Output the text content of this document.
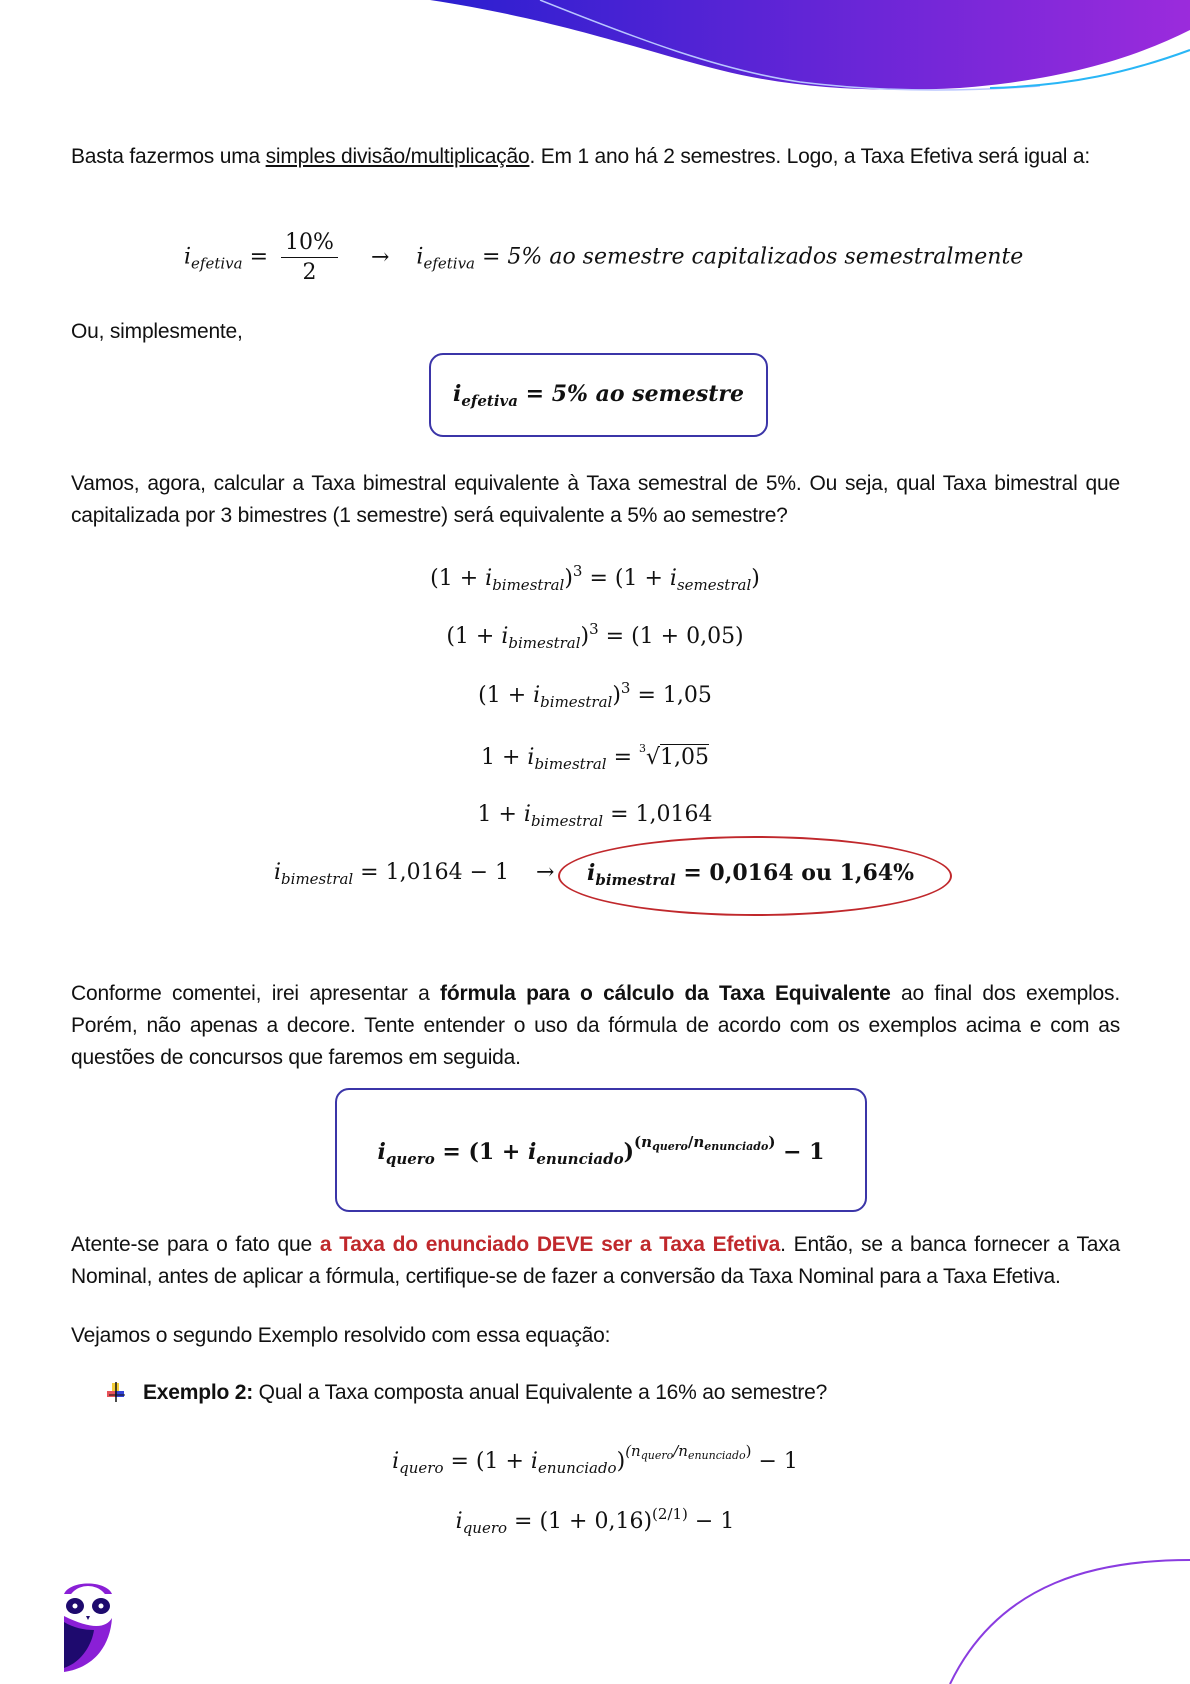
Basta fazermos uma simples divisão/multiplicação. Em 1 ano há 2 semestres. Logo, a Taxa Efetiva será igual a:
$i_{efetiva} = \frac{10\%}{2} \to i_{efetiva} = 5\%$ ao semestre capitalizados semestralmente
Ou, simplesmente,
$i_{efetiva} = 5\%$ ao semestre
Vamos, agora, calcular a Taxa bimestral equivalente à Taxa semestral de 5%. Ou seja, qual Taxa bimestral que capitalizada por 3 bimestres (1 semestre) será equivalente a 5% ao semestre?
$(1 + i_{bimestral})^3 = (1 + i_{semestral})$
$(1 + i_{bimestral})^3 = (1 + 0,05)$
$(1 + i_{bimestral})^3 = 1,05$
$1 + i_{bimestral} = ^3√1,05$
$1 + i_{bimestral} = 1,0164$
$i_{bimestral} = 1,0164 - 1 \to i_{bimestral} = 0,0164$ ou 1,64%
Conforme comentei, irei apresentar a fórmula para o cálculo da Taxa Equivalente ao final dos exemplos. Porém, não apenas a decore. Tente entender o uso da fórmula de acordo com os exemplos acima e com as questões de concursos que faremos em seguida.
$i_{quero} = (1 + i_{enunciado})^{(n_{quero}/n_{enunciado})} - 1$
Atente-se para o fato que a Taxa do enunciado DEVE ser a Taxa Efetiva. Então, se a banca fornecer a Taxa Nominal, antes de aplicar a fórmula, certifique-se de fazer a conversão da Taxa Nominal para a Taxa Efetiva.
Vejamos o segundo Exemplo resolvido com essa equação:
Exemplo 2: Qual a Taxa composta anual Equivalente a 16% ao semestre?
$i_{quero} = (1 + i_{enunciado})^{(n_{quero}/n_{enunciado})} - 1$
$i_{quero} = (1 + 0,16)^{(2/1)} - 1$
